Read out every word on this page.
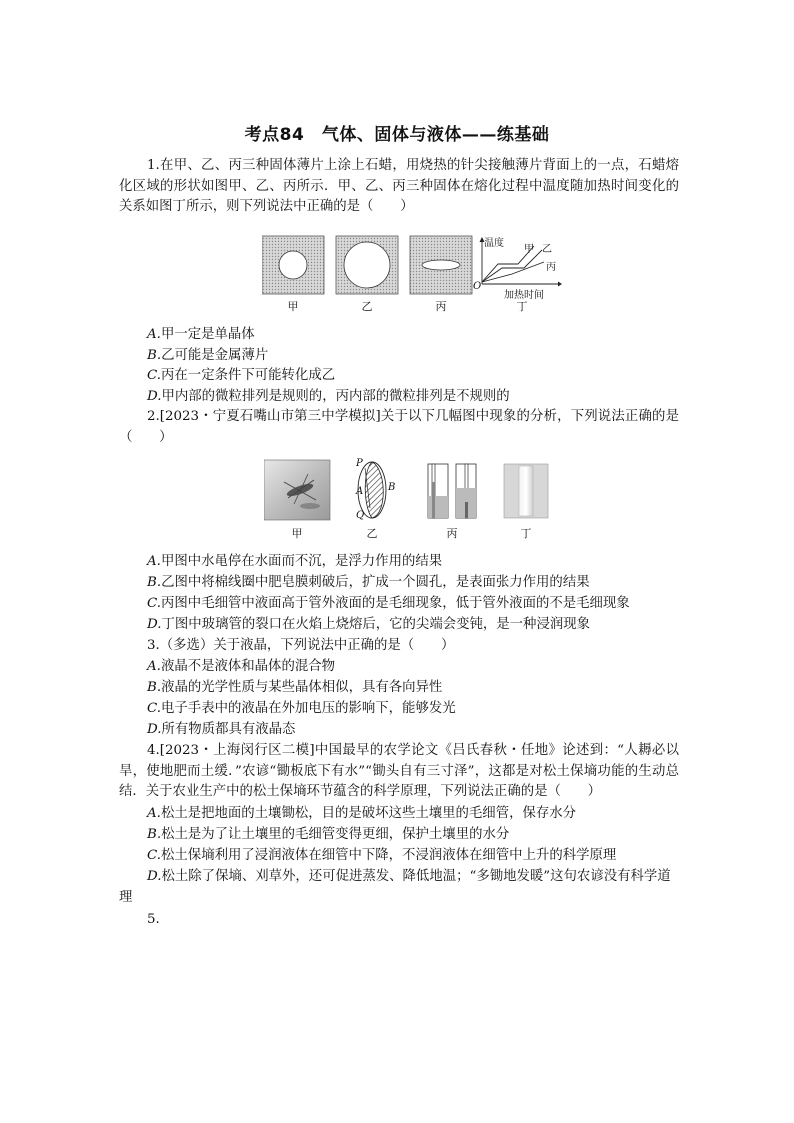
考点84　气体、固体与液体——练基础
1.在甲、乙、丙三种固体薄片上涂上石蜡，用烧热的针尖接触薄片背面上的一点，石蜡熔化区域的形状如图甲、乙、丙所示．甲、乙、丙三种固体在熔化过程中温度随加热时间变化的关系如图丁所示，则下列说法中正确的是（　　）
温度
甲 乙
丙
O
加热时间
甲	乙	丙	丁
A.甲一定是单晶体
B.乙可能是金属薄片
C.丙在一定条件下可能转化成乙
D.甲内部的微粒排列是规则的，丙内部的微粒排列是不规则的
2.[2023・宁夏石嘴山市第三中学模拟]关于以下几幅图中现象的分析，下列说法正确的是（　　）
P
A B
Q
甲	乙	丙	丁
A.甲图中水黾停在水面而不沉，是浮力作用的结果
B.乙图中将棉线圈中肥皂膜刺破后，扩成一个圆孔，是表面张力作用的结果
C.丙图中毛细管中液面高于管外液面的是毛细现象，低于管外液面的不是毛细现象
D.丁图中玻璃管的裂口在火焰上烧熔后，它的尖端会变钝，是一种浸润现象
3.（多选）关于液晶，下列说法中正确的是（　　）
A.液晶不是液体和晶体的混合物
B.液晶的光学性质与某些晶体相似，具有各向异性
C.电子手表中的液晶在外加电压的影响下，能够发光
D.所有物质都具有液晶态
4.[2023・上海闵行区二模]中国最早的农学论文《吕氏春秋・任地》论述到：“人耨必以旱，使地肥而土缓．”农谚“锄板底下有水”“锄头自有三寸泽”，这都是对松土保墒功能的生动总结．关于农业生产中的松土保墒环节蕴含的科学原理，下列说法正确的是（　　）
A.松土是把地面的土壤锄松，目的是破坏这些土壤里的毛细管，保存水分
B.松土是为了让土壤里的毛细管变得更细，保护土壤里的水分
C.松土保墒利用了浸润液体在细管中下降，不浸润液体在细管中上升的科学原理
D.松土除了保墒、刈草外，还可促进蒸发、降低地温；“多锄地发暖”这句农谚没有科学道理
5.
